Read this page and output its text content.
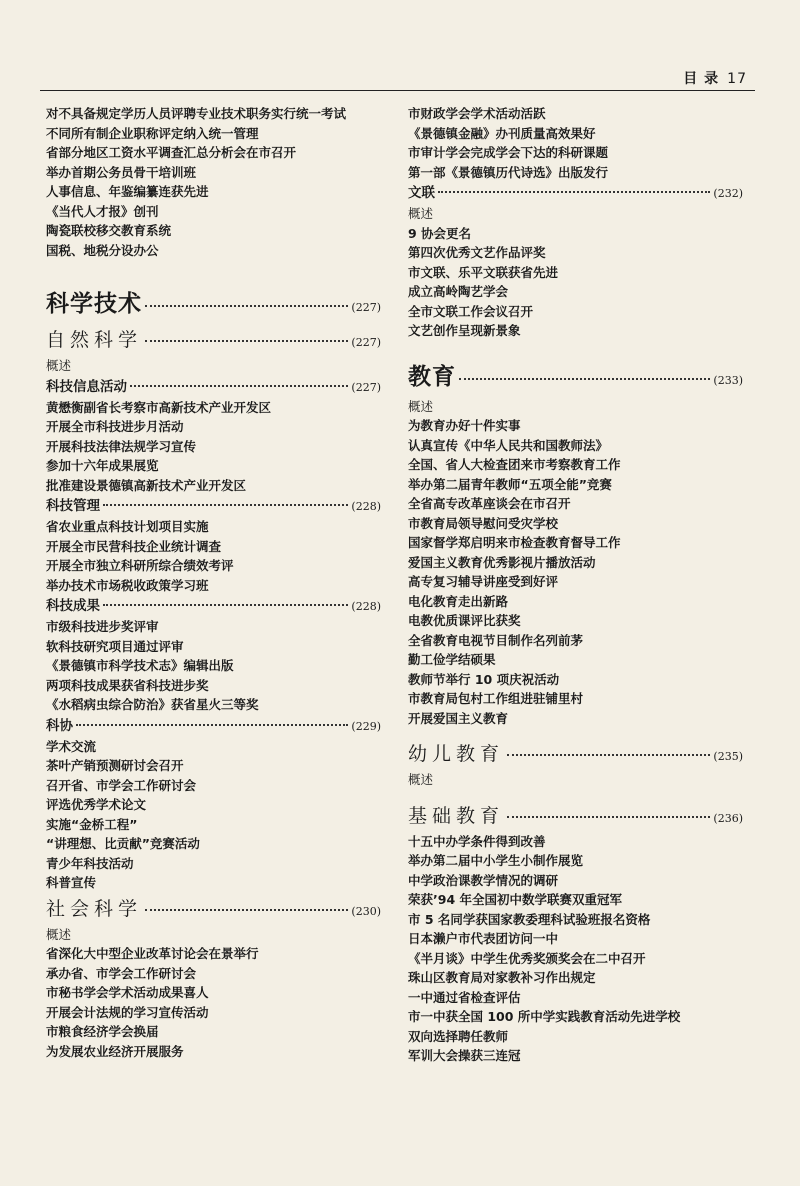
目 录 17
对不具备规定学历人员评聘专业技术职务实行统一考试
不同所有制企业职称评定纳入统一管理
省部分地区工资水平调查汇总分析会在市召开
举办首期公务员骨干培训班
人事信息、年鉴编纂连获先进
《当代人才报》创刊
陶瓷联校移交教育系统
国税、地税分设办公
科学技术	(227)
自然科学	(227)
概述
科技信息活动	(227)
黄懋衡副省长考察市高新技术产业开发区
开展全市科技进步月活动
开展科技法律法规学习宣传
参加十六年成果展览
批准建设景德镇高新技术产业开发区
科技管理	(228)
省农业重点科技计划项目实施
开展全市民营科技企业统计调查
开展全市独立科研所综合绩效考评
举办技术市场税收政策学习班
科技成果	(228)
市级科技进步奖评审
软科技研究项目通过评审
《景德镇市科学技术志》编辑出版
两项科技成果获省科技进步奖
《水稻病虫综合防治》获省星火三等奖
科协	(229)
学术交流
茶叶产销预测研讨会召开
召开省、市学会工作研讨会
评选优秀学术论文
实施“金桥工程”
“讲理想、比贡献”竞赛活动
青少年科技活动
科普宣传
社会科学	(230)
概述
省深化大中型企业改革讨论会在景举行
承办省、市学会工作研讨会
市秘书学会学术活动成果喜人
开展会计法规的学习宣传活动
市粮食经济学会换届
为发展农业经济开展服务
市财政学会学术活动活跃
《景德镇金融》办刊质量高效果好
市审计学会完成学会下达的科研课题
第一部《景德镇历代诗选》出版发行
文联	(232)
概述
9 协会更名
第四次优秀文艺作品评奖
市文联、乐平文联获省先进
成立高岭陶艺学会
全市文联工作会议召开
文艺创作呈现新景象
教育	(233)
概述
为教育办好十件实事
认真宣传《中华人民共和国教师法》
全国、省人大检查团来市考察教育工作
举办第二届青年教师“五项全能”竞赛
全省高专改革座谈会在市召开
市教育局领导慰问受灾学校
国家督学郑启明来市检查教育督导工作
爱国主义教育优秀影视片播放活动
高专复习辅导讲座受到好评
电化教育走出新路
电教优质课评比获奖
全省教育电视节目制作名列前茅
勤工俭学结硕果
教师节举行 10 项庆祝活动
市教育局包村工作组进驻铺里村
开展爱国主义教育
幼儿教育	(235)
概述
基础教育	(236)
十五中办学条件得到改善
举办第二届中小学生小制作展览
中学政治课教学情况的调研
荣获’94 年全国初中数学联赛双重冠军
市 5 名同学获国家教委理科试验班报名资格
日本濑户市代表团访问一中
《半月谈》中学生优秀奖颁奖会在二中召开
珠山区教育局对家教补习作出规定
一中通过省检查评估
市一中获全国 100 所中学实践教育活动先进学校
双向选择聘任教师
军训大会操获三连冠
